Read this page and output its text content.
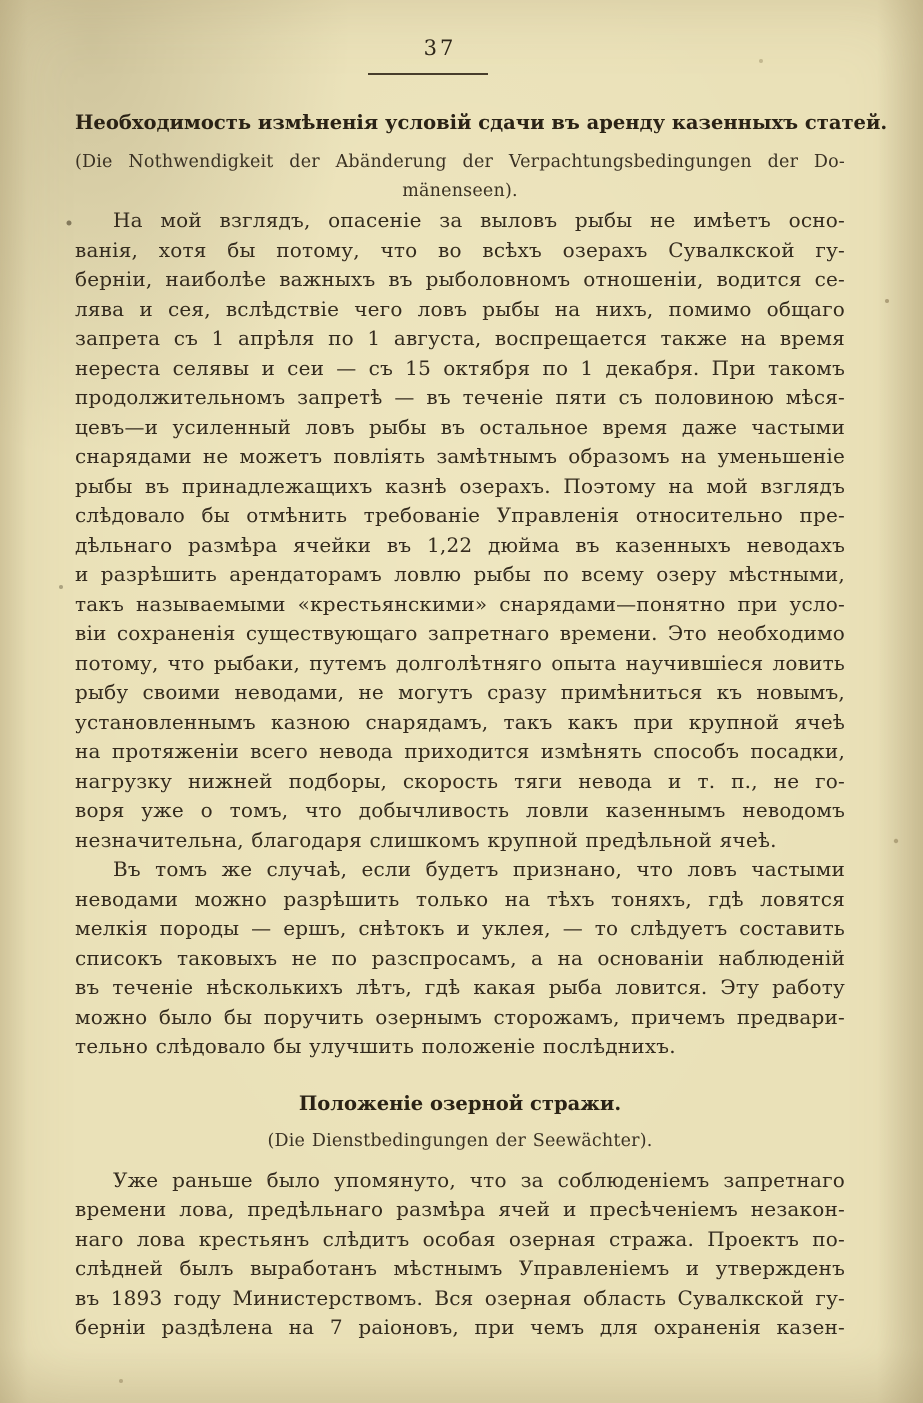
37
Необходимость измѣненія условій сдачи въ аренду казенныхъ статей.
(Die Nothwendigkeit der Abänderung der Verpachtungsbedingungen der Do-
mänenseen).
На мой взглядъ, опасеніе за выловъ рыбы не имѣетъ осно-
ванія, хотя бы потому, что во всѣхъ озерахъ Сувалкской гу-
берніи, наиболѣе важныхъ въ рыболовномъ отношеніи, водится се-
лява и сея, вслѣдствіе чего ловъ рыбы на нихъ, помимо общаго
запрета съ 1 апрѣля по 1 августа, воспрещается также на время
нереста селявы и сеи — съ 15 октября по 1 декабря. При такомъ
продолжительномъ запретѣ — въ теченіе пяти съ половиною мѣся-
цевъ—и усиленный ловъ рыбы въ остальное время даже частыми
снарядами не можетъ повліять замѣтнымъ образомъ на уменьшеніе
рыбы въ принадлежащихъ казнѣ озерахъ. Поэтому на мой взглядъ
слѣдовало бы отмѣнить требованіе Управленія относительно пре-
дѣльнаго размѣра ячейки въ 1,22 дюйма въ казенныхъ неводахъ
и разрѣшить арендаторамъ ловлю рыбы по всему озеру мѣстными,
такъ называемыми «крестьянскими» снарядами—понятно при усло-
віи сохраненія существующаго запретнаго времени. Это необходимо
потому, что рыбаки, путемъ долголѣтняго опыта научившіеся ловить
рыбу своими неводами, не могутъ сразу примѣниться къ новымъ,
установленнымъ казною снарядамъ, такъ какъ при крупной ячеѣ
на протяженіи всего невода приходится измѣнять способъ посадки,
нагрузку нижней подборы, скорость тяги невода и т. п., не го-
воря уже о томъ, что добычливость ловли казеннымъ неводомъ
незначительна, благодаря слишкомъ крупной предѣльной ячеѣ.
Въ томъ же случаѣ, если будетъ признано, что ловъ частыми
неводами можно разрѣшить только на тѣхъ тоняхъ, гдѣ ловятся
мелкія породы — ершъ, снѣтокъ и уклея, — то слѣдуетъ составить
списокъ таковыхъ не по разспросамъ, а на основаніи наблюденій
въ теченіе нѣсколькихъ лѣтъ, гдѣ какая рыба ловится. Эту работу
можно было бы поручить озернымъ сторожамъ, причемъ предвари-
тельно слѣдовало бы улучшить положеніе послѣднихъ.
Положеніе озерной стражи.
(Die Dienstbedingungen der Seewächter).
Уже раньше было упомянуто, что за соблюденіемъ запретнаго
времени лова, предѣльнаго размѣра ячей и пресѣченіемъ незакон-
наго лова крестьянъ слѣдитъ особая озерная стража. Проектъ по-
слѣдней былъ выработанъ мѣстнымъ Управленіемъ и утвержденъ
въ 1893 году Министерствомъ. Вся озерная область Сувалкской гу-
берніи раздѣлена на 7 раіоновъ, при чемъ для охраненія казен-
